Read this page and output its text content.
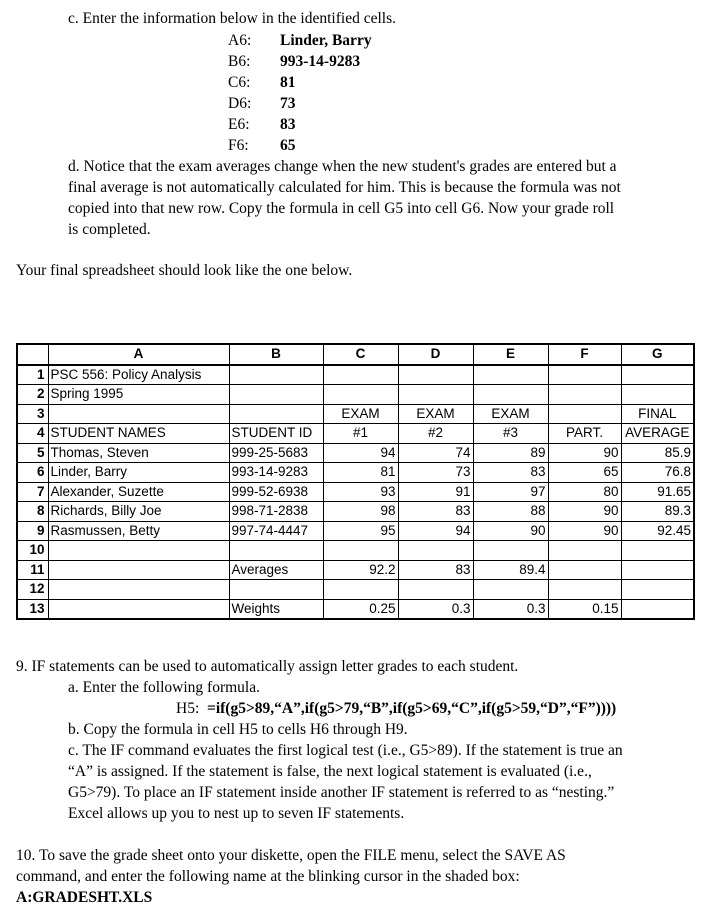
c. Enter the information below in the identified cells.

A6: Linder, Barry
B6: 993-14-9283
C6: 81
D6: 73
E6: 83
F6: 65

d. Notice that the exam averages change when the new student's grades are entered but a

final average is not automatically calculated for him. This is because the formula was not

copied into that new row. Copy the formula in cell G5 into cell G6. Now your grade roll

is completed.

Your final spreadsheet should look like the one below.

	A	B	C	D	E	F	G
1	PSC 556: Policy Analysis						
2	Spring 1995						
3			EXAM	EXAM	EXAM		FINAL
4	STUDENT NAMES	STUDENT ID	#1	#2	#3	PART.	AVERAGE
5	Thomas, Steven	999-25-5683	94	74	89	90	85.9
6	Linder, Barry	993-14-9283	81	73	83	65	76.8
7	Alexander, Suzette	999-52-6938	93	91	97	80	91.65
8	Richards, Billy Joe	998-71-2838	98	83	88	90	89.3
9	Rasmussen, Betty	997-74-4447	95	94	90	90	92.45
10							
11		Averages	92.2	83	89.4		
12							
13		Weights	0.25	0.3	0.3	0.15	

9. IF statements can be used to automatically assign letter grades to each student.

a. Enter the following formula.

H5: =if(g5>89,“A”,if(g5>79,“B”,if(g5>69,“C”,if(g5>59,“D”,“F”))))

b. Copy the formula in cell H5 to cells H6 through H9.

c. The IF command evaluates the first logical test (i.e., G5>89). If the statement is true an

“A” is assigned. If the statement is false, the next logical statement is evaluated (i.e.,

G5>79). To place an IF statement inside another IF statement is referred to as “nesting.”

Excel allows up you to nest up to seven IF statements.

10. To save the grade sheet onto your diskette, open the FILE menu, select the SAVE AS

command, and enter the following name at the blinking cursor in the shaded box:

A:GRADESHT.XLS
